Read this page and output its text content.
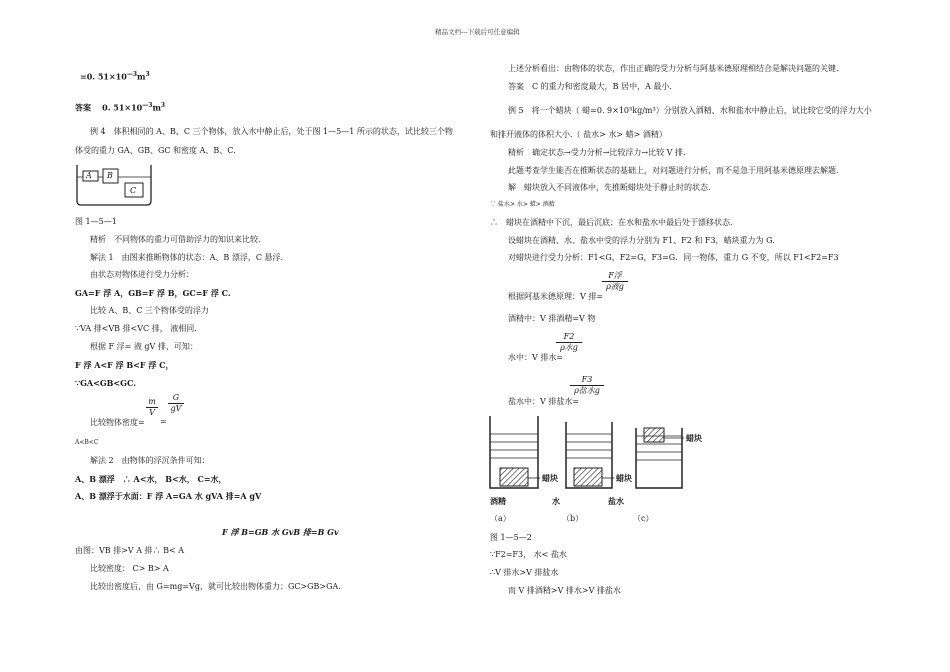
精品文档---下载后可任意编辑
=0. $51\times 10^{—3}m^3$
答案 0. $51\times 10^{—3}m^3$
例 4　体积相同的 A、B、C 三个物体，放入水中静止后，处于图 1—5—1 所示的状态，试比较三个物
体受的重力 GA、GB、GC 和密度 A、B、C.
A B
C
图 1—5—1
精析　不同物体的重力可借助浮力的知识来比较.
解法 1　由图来推断物体的状态：A、B 漂浮，C 悬浮.
由状态对物体进行受力分析：
GA=F 浮 A，GB=F 浮 B，GC=F 浮 C.
比较 A、B、C 三个物体受的浮力
∵VA 排<VB 排<VC 排， 液相同.
根据 F 浮= 液 gV 排，可知：
F 浮 A<F 浮 B<F 浮 C，
∵GA<GB<GC.
比较物体密度=
m
V
=
G
gV
A<B<C
解法 2　由物体的浮沉条件可知：
A、B 漂浮　∴ A<水， B<水， C=水，
A、B 漂浮于水面：F 浮 A=GA 水 gVA 排=A gV
F 浮 B=GB 水 GvB 排=B Gv
由图：VB 排>V A 排∴ B< A
比较密度： C> B> A
比较出密度后，由 G=mg=Vg，就可比较出物体重力：GC>GB>GA.
上述分析看出：由物体的状态，作出正确的受力分析与阿基米德原理相结合是解决问题的关键.
答案　C 的重力和密度最大，B 居中，A 最小.
例 5　将一个蜡块（ 蜡=0. 9×10³kg/m³）分别放入酒精、水和盐水中静止后，试比较它受的浮力大小
和排开液体的体积大小.（ 盐水> 水> 蜡> 酒精）
精析　确定状态→受力分析→比较浮力→比较 V 排.
此题考查学生能否在推断状态的基础上，对问题进行分析，而不是急于用阿基米德原理去解题.
解　蜡块放入不同液体中，先推断蜡块处于静止时的状态.
∵ 盐水> 水> 蜡> 酒精
∴　蜡块在酒精中下沉，最后沉底；在水和盐水中最后处于漂移状态.
设蜡块在酒精、水、盐水中受的浮力分别为 F1、F2 和 F3，蜡块重力为 G.
对蜡块进行受力分析：F1<G，F2=G，F3=G．同一物体，重力 G 不变，所以 F1<F2=F3
根据阿基米德原理：V 排=
F浮
ρ液g
酒精中：V 排酒精=V 物
水中：V 排水=
F2
ρ水g
盐水中：V 排盐水=
F3
ρ盐水g
蜡块	蜡块
蜡块
酒精	水	盐水
（a）	（b）	（c）
图 1—5—2
∵F2=F3， 水< 盐水
∴V 排水>V 排盐水
而 V 排酒精>V 排水>V 排盐水
